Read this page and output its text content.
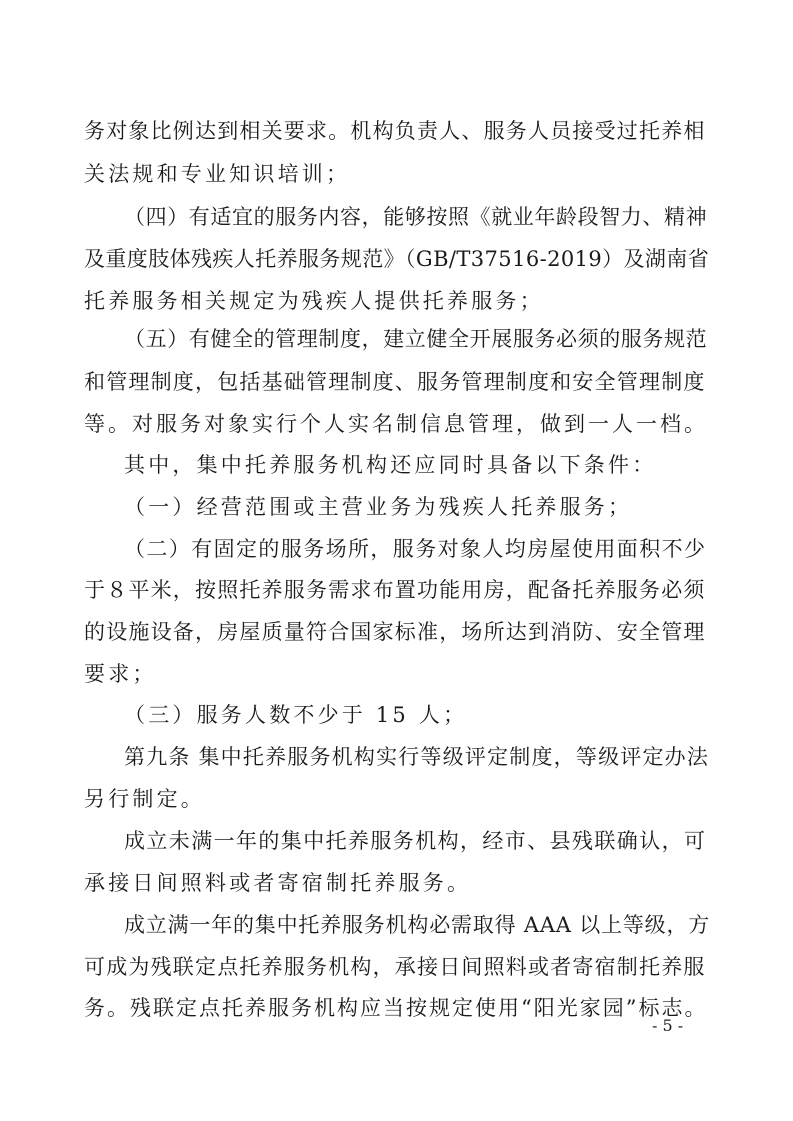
务对象比例达到相关要求。机构负责人、服务人员接受过托养相
关法规和专业知识培训；
（四）有适宜的服务内容，能够按照《就业年龄段智力、精神
及重度肢体残疾人托养服务规范》（GB/T37516-2019）及湖南省
托养服务相关规定为残疾人提供托养服务；
（五）有健全的管理制度，建立健全开展服务必须的服务规范
和管理制度，包括基础管理制度、服务管理制度和安全管理制度
等。对服务对象实行个人实名制信息管理，做到一人一档。
其中，集中托养服务机构还应同时具备以下条件：
（一）经营范围或主营业务为残疾人托养服务；
（二）有固定的服务场所，服务对象人均房屋使用面积不少
于８平米，按照托养服务需求布置功能用房，配备托养服务必须
的设施设备，房屋质量符合国家标准，场所达到消防、安全管理
要求；
（三）服务人数不少于 15 人；
第九条 集中托养服务机构实行等级评定制度，等级评定办法
另行制定。
成立未满一年的集中托养服务机构，经市、县残联确认，可
承接日间照料或者寄宿制托养服务。
成立满一年的集中托养服务机构必需取得 AAA 以上等级，方
可成为残联定点托养服务机构，承接日间照料或者寄宿制托养服
务。残联定点托养服务机构应当按规定使用“阳光家园”标志。
- 5 -
